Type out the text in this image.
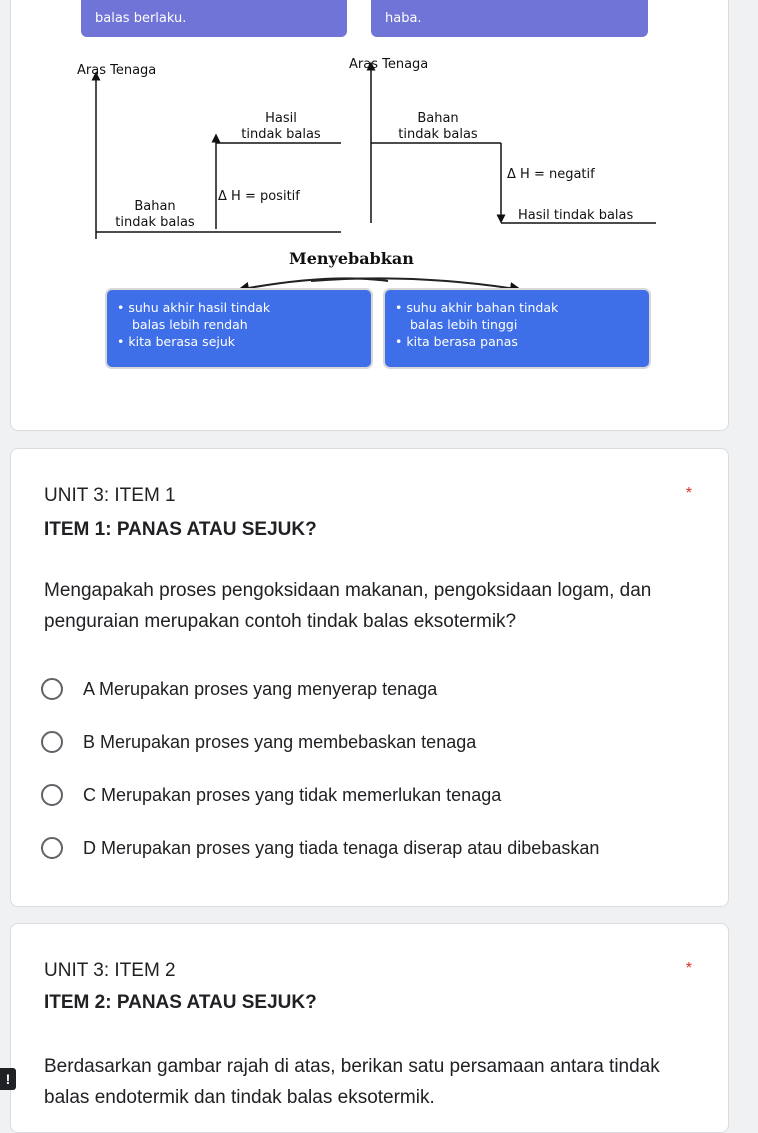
balas berlaku.	haba.
Aras Tenaga	Aras Tenaga
Hasil
tindak balas
Bahan
tindak balas
Δ H = positif
Bahan
tindak balas
Δ H = negatif
Hasil tindak balas
Menyebabkan
• suhu akhir hasil tindak
balas lebih rendah
• kita berasa sejuk
• suhu akhir bahan tindak
balas lebih tinggi
• kita berasa panas
UNIT 3: ITEM 1	*
ITEM 1: PANAS ATAU SEJUK?
Mengapakah proses pengoksidaan makanan, pengoksidaan logam, dan penguraian merupakan contoh tindak balas eksotermik?
A Merupakan proses yang menyerap tenaga
B Merupakan proses yang membebaskan tenaga
C Merupakan proses yang tidak memerlukan tenaga
D Merupakan proses yang tiada tenaga diserap atau dibebaskan
UNIT 3: ITEM 2	*
ITEM 2: PANAS ATAU SEJUK?
Berdasarkan gambar rajah di atas, berikan satu persamaan antara tindak balas endotermik dan tindak balas eksotermik.
!
